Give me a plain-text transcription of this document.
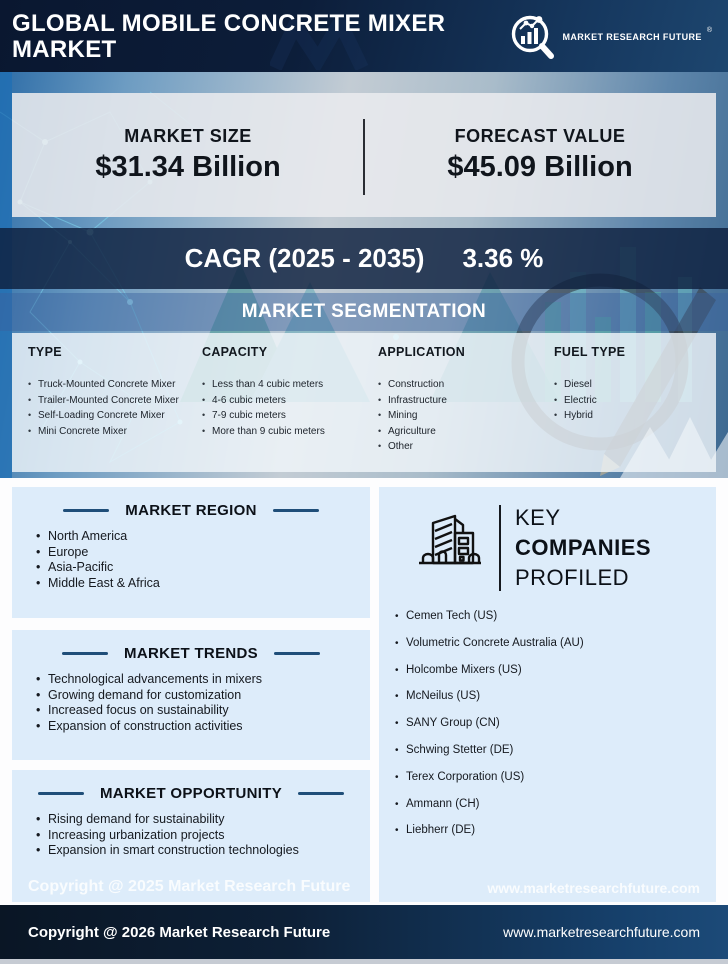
GLOBAL MOBILE CONCRETE MIXER MARKET	MARKET RESEARCH FUTURE
®
MARKET SIZE
$31.34 Billion
FORECAST VALUE
$45.09 Billion
CAGR (2025 - 2035) 3.36 %
MARKET SEGMENTATION
TYPE
• Truck-Mounted Concrete Mixer
• Trailer-Mounted Concrete Mixer
• Self-Loading Concrete Mixer
• Mini Concrete Mixer
CAPACITY
• Less than 4 cubic meters
• 4-6 cubic meters
• 7-9 cubic meters
• More than 9 cubic meters
APPLICATION
• Construction
• Infrastructure
• Mining
• Agriculture
• Other
FUEL TYPE
• Diesel
• Electric
• Hybrid
MARKET REGION
• North America
• Europe
• Asia-Pacific
• Middle East & Africa
MARKET TRENDS
• Technological advancements in mixers
• Growing demand for customization
• Increased focus on sustainability
• Expansion of construction activities
MARKET OPPORTUNITY
• Rising demand for sustainability
• Increasing urbanization projects
• Expansion in smart construction technologies
KEY
COMPANIES
PROFILED
• Cemen Tech (US)
• Volumetric Concrete Australia (AU)
• Holcombe Mixers (US)
• McNeilus (US)
• SANY Group (CN)
• Schwing Stetter (DE)
• Terex Corporation (US)
• Ammann (CH)
• Liebherr (DE)
Copyright @ 2025 Market Research Future	www.marketresearchfuture.com
Copyright @ 2026 Market Research Future	www.marketresearchfuture.com
